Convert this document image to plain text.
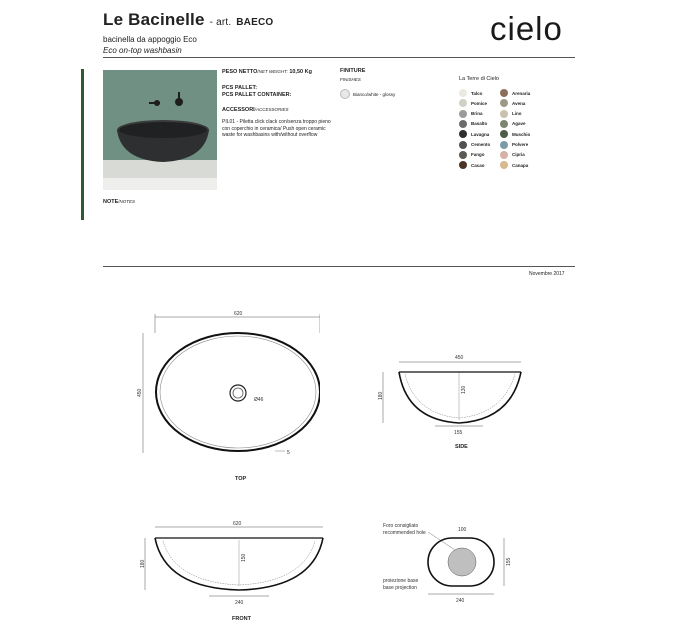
Le Bacinelle - art. BAECO
bacinella da appoggio Eco
Eco on-top washbasin
cielo
PESO NETTO/NET WEIGHT: 10,50 Kg
PCS PALLET:
PCS PALLET CONTAINER:
ACCESSORI/ACCESSORIES
PIL01 - Piletta click clack con/senza troppo pieno con coperchio in ceramica/ Push open ceramic waste for washbasins with/without overflow
NOTE/NOTES
FINITURE
FINISHES
Bianco/white - glossy
La Terre di Cielo
Talco
Pomice
Brina
Basalto
Lavagna
Cemento
Fango
Cacao
Arenaria
Avena
Lino
Agave
Muschio
Polvere
Cipria
Canapa
Novembre 2017
620
450
Ø46
5
TOP
450
180
130
155
SIDE
620
180
150
240
FRONT
Foro consigliato
recommended hole	100
155
proiezione base
base projection
240
